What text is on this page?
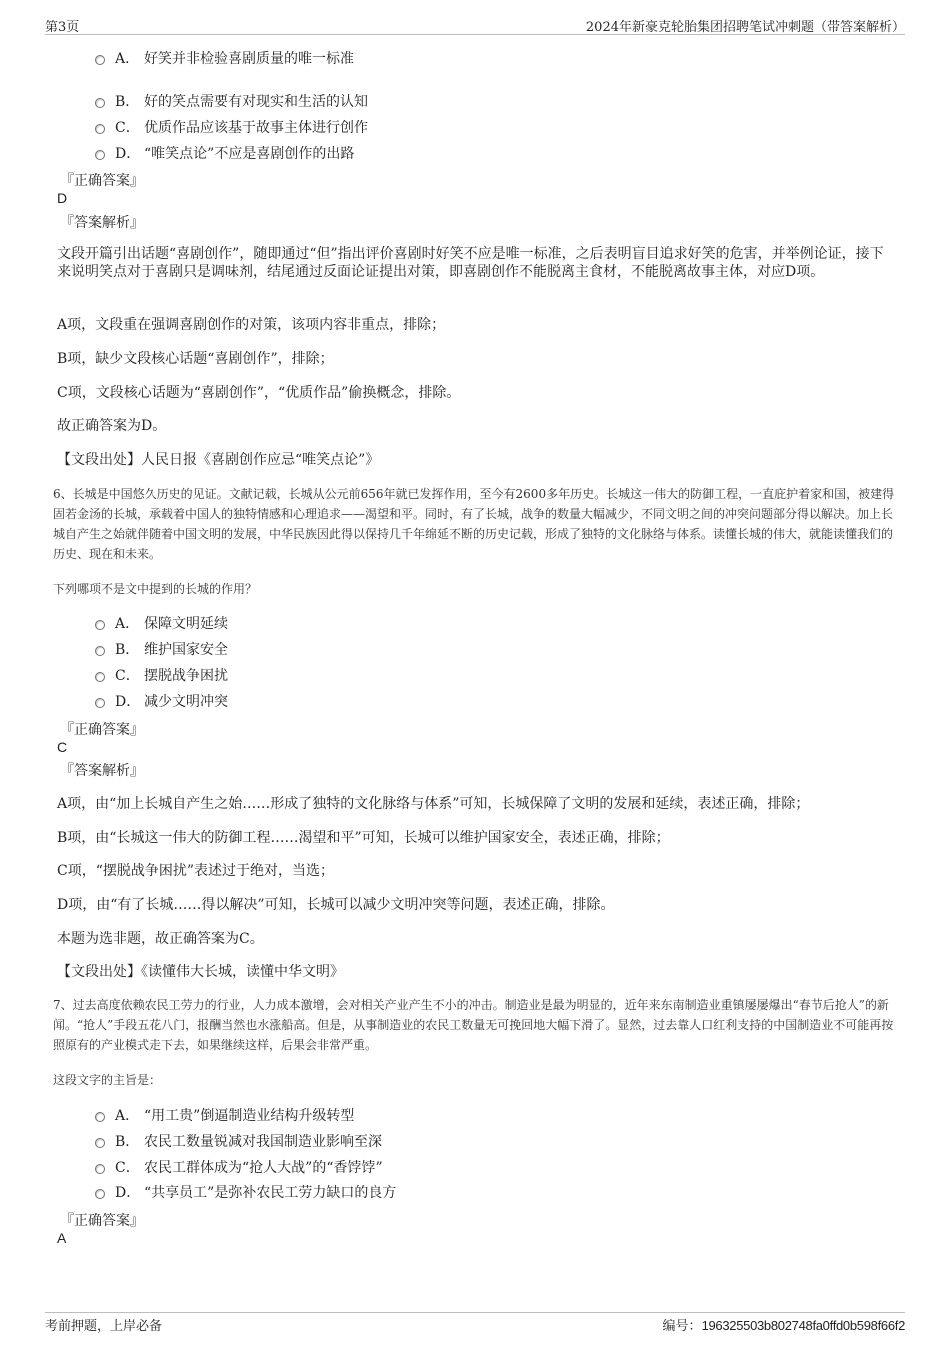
第3页	2024年新豪克轮胎集团招聘笔试冲刺题（带答案解析）
A． 好笑并非检验喜剧质量的唯一标准
B． 好的笑点需要有对现实和生活的认知
C． 优质作品应该基于故事主体进行创作
D． “唯笑点论”不应是喜剧创作的出路
『正确答案』
D
『答案解析』
文段开篇引出话题“喜剧创作”，随即通过“但”指出评价喜剧时好笑不应是唯一标准，之后表明盲目追求好笑的危害，并举例论证，接下来说明笑点对于喜剧只是调味剂，结尾通过反面论证提出对策，即喜剧创作不能脱离主食材，不能脱离故事主体，对应D项。
A项，文段重在强调喜剧创作的对策，该项内容非重点，排除；
B项，缺少文段核心话题“喜剧创作”，排除；
C项，文段核心话题为“喜剧创作”，“优质作品”偷换概念，排除。
故正确答案为D。
【文段出处】人民日报《喜剧创作应忌“唯笑点论”》
6、长城是中国悠久历史的见证。文献记载，长城从公元前656年就已发挥作用，至今有2600多年历史。长城这一伟大的防御工程，一直庇护着家和国，被建得固若金汤的长城，承载着中国人的独特情感和心理追求——渴望和平。同时，有了长城，战争的数量大幅减少，不同文明之间的冲突问题部分得以解决。加上长城自产生之始就伴随着中国文明的发展，中华民族因此得以保持几千年绵延不断的历史记载，形成了独特的文化脉络与体系。读懂长城的伟大，就能读懂我们的历史、现在和未来。
下列哪项不是文中提到的长城的作用？
A． 保障文明延续
B． 维护国家安全
C． 摆脱战争困扰
D． 减少文明冲突
『正确答案』
C
『答案解析』
A项，由“加上长城自产生之始……形成了独特的文化脉络与体系”可知，长城保障了文明的发展和延续，表述正确，排除；
B项，由“长城这一伟大的防御工程……渴望和平”可知，长城可以维护国家安全，表述正确，排除；
C项，“摆脱战争困扰”表述过于绝对，当选；
D项，由“有了长城……得以解决”可知，长城可以减少文明冲突等问题，表述正确，排除。
本题为选非题，故正确答案为C。
【文段出处】《读懂伟大长城，读懂中华文明》
7、过去高度依赖农民工劳力的行业，人力成本激增，会对相关产业产生不小的冲击。制造业是最为明显的，近年来东南制造业重镇屡屡爆出“春节后抢人”的新闻。“抢人”手段五花八门，报酬当然也水涨船高。但是，从事制造业的农民工数量无可挽回地大幅下滑了。显然，过去靠人口红利支持的中国制造业不可能再按照原有的产业模式走下去，如果继续这样，后果会非常严重。
这段文字的主旨是：
A． “用工贵”倒逼制造业结构升级转型
B． 农民工数量锐减对我国制造业影响至深
C． 农民工群体成为“抢人大战”的“香饽饽”
D． “共享员工”是弥补农民工劳力缺口的良方
『正确答案』
A
考前押题，上岸必备	编号：196325503b802748fa0ffd0b598f66f2
